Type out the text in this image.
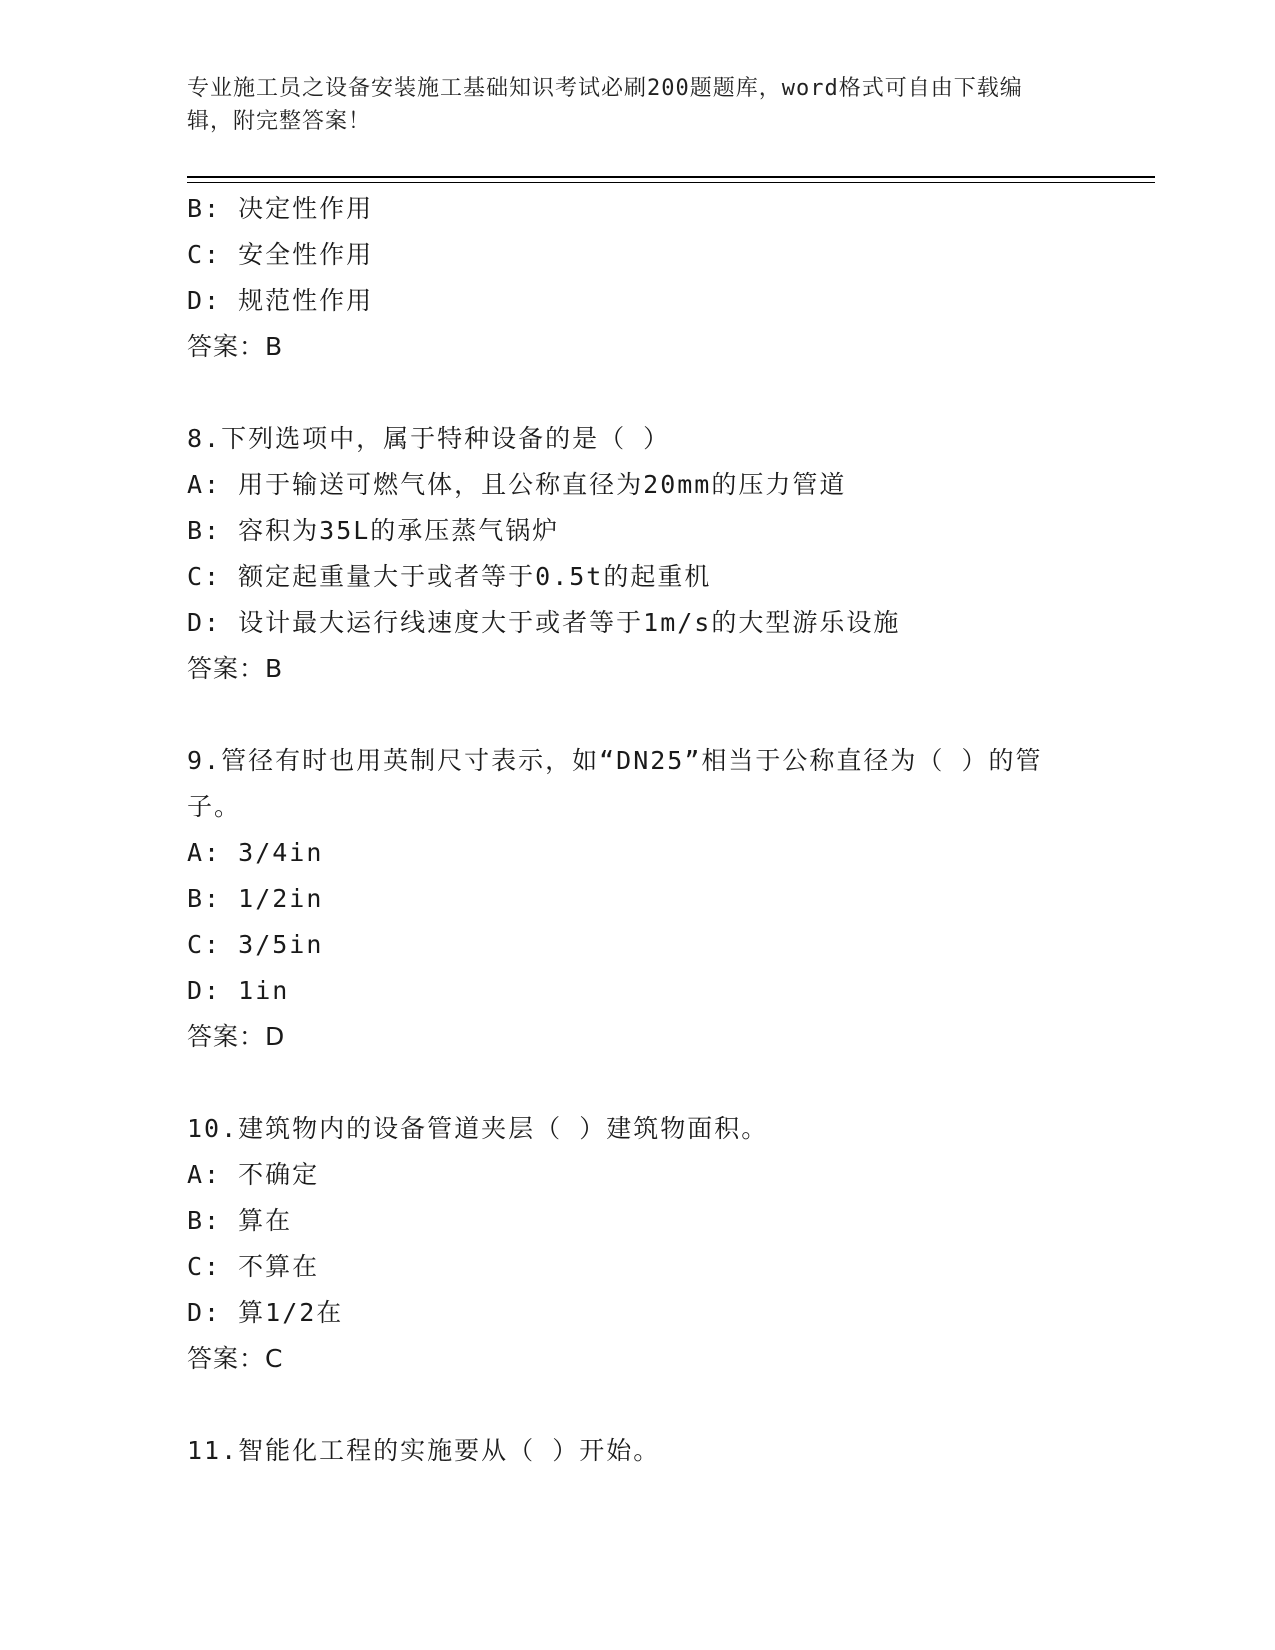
专业施工员之设备安装施工基础知识考试必刷200题题库，word格式可自由下载编辑，附完整答案！
B: 决定性作用
C: 安全性作用
D: 规范性作用
答案：B
8.下列选项中，属于特种设备的是（ ）
A: 用于输送可燃气体，且公称直径为20mm的压力管道
B: 容积为35L的承压蒸气锅炉
C: 额定起重量大于或者等于0.5t的起重机
D: 设计最大运行线速度大于或者等于1m/s的大型游乐设施
答案：B
9.管径有时也用英制尺寸表示，如“DN25”相当于公称直径为（ ）的管子。
A: 3/4in
B: 1/2in
C: 3/5in
D: 1in
答案：D
10.建筑物内的设备管道夹层（ ）建筑物面积。
A: 不确定
B: 算在
C: 不算在
D: 算1/2在
答案：C
11.智能化工程的实施要从（ ）开始。
